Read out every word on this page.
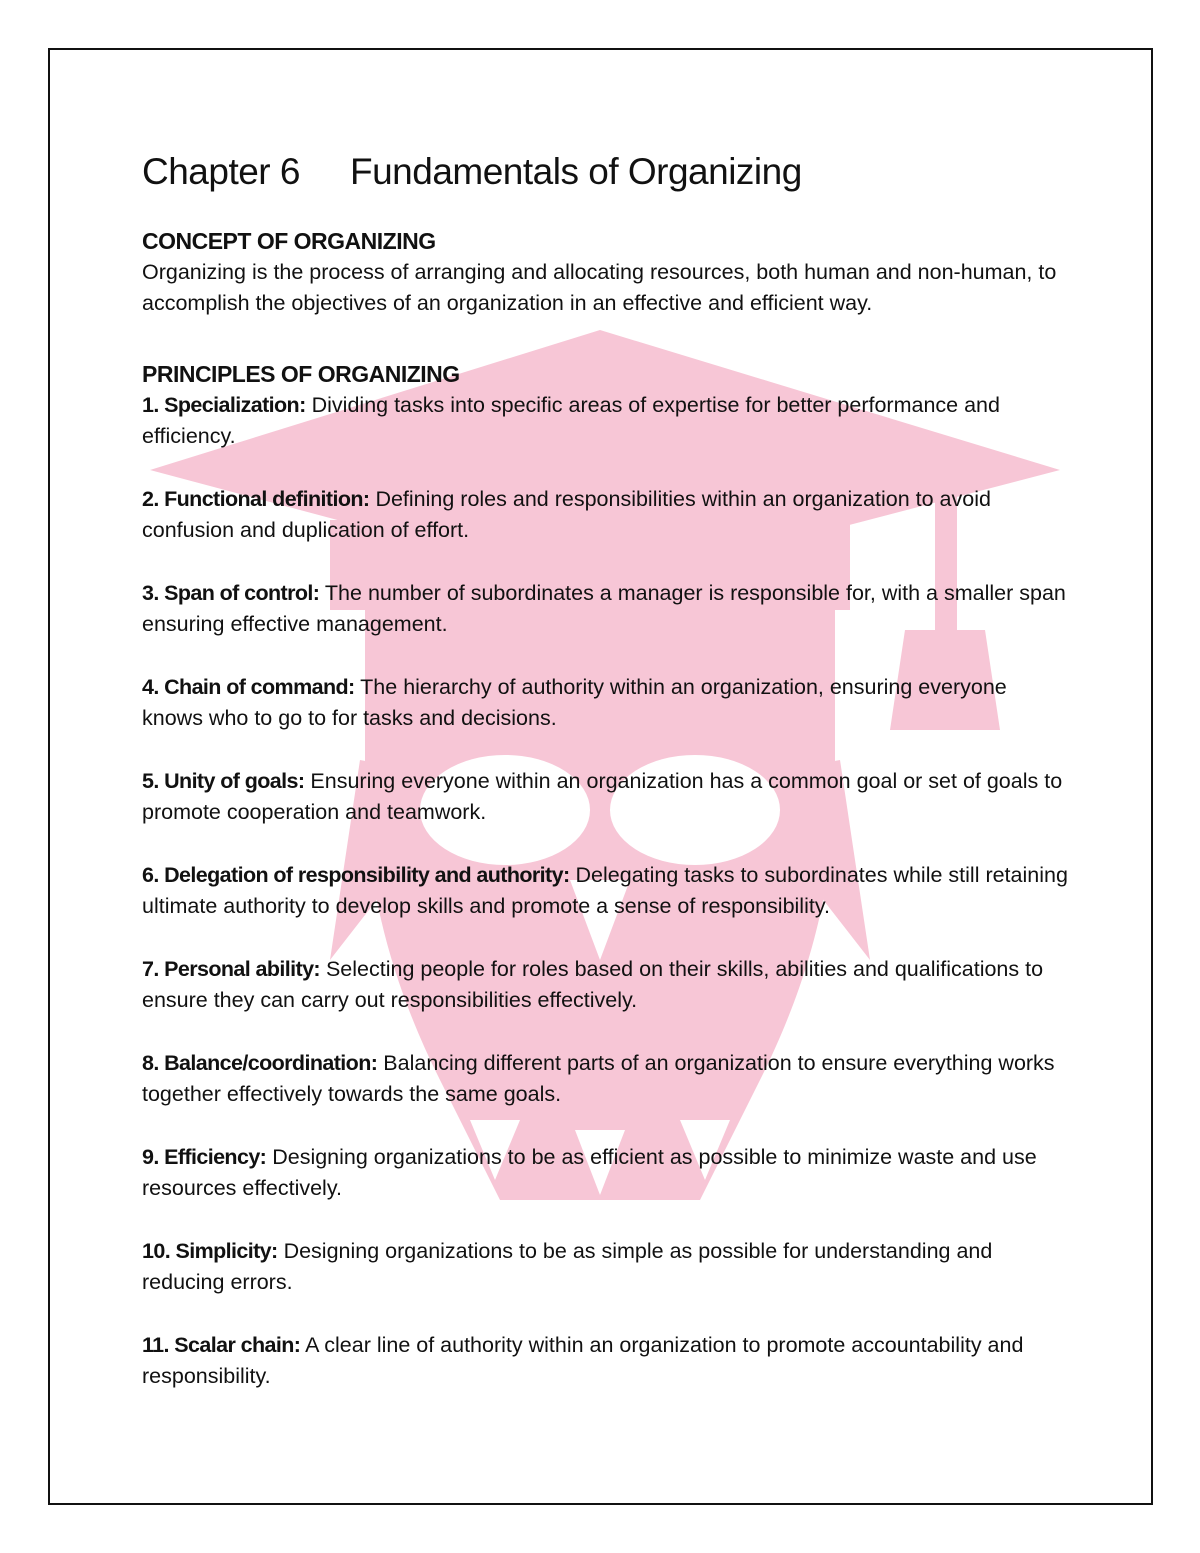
Chapter 6 Fundamentals of Organizing
CONCEPT OF ORGANIZING

Organizing is the process of arranging and allocating resources, both human and non-human, to accomplish the objectives of an organization in an effective and efficient way.

PRINCIPLES OF ORGANIZING
1. Specialization: Dividing tasks into specific areas of expertise for better performance and efficiency.
2. Functional definition: Defining roles and responsibilities within an organization to avoid confusion and duplication of effort.
3. Span of control: The number of subordinates a manager is responsible for, with a smaller span ensuring effective management.
4. Chain of command: The hierarchy of authority within an organization, ensuring everyone knows who to go to for tasks and decisions.
5. Unity of goals: Ensuring everyone within an organization has a common goal or set of goals to promote cooperation and teamwork.
6. Delegation of responsibility and authority: Delegating tasks to subordinates while still retaining ultimate authority to develop skills and promote a sense of responsibility.
7. Personal ability: Selecting people for roles based on their skills, abilities and qualifications to ensure they can carry out responsibilities effectively.
8. Balance/coordination: Balancing different parts of an organization to ensure everything works together effectively towards the same goals.
9. Efficiency: Designing organizations to be as efficient as possible to minimize waste and use resources effectively.
10. Simplicity: Designing organizations to be as simple as possible for understanding and reducing errors.
11. Scalar chain: A clear line of authority within an organization to promote accountability and responsibility.
